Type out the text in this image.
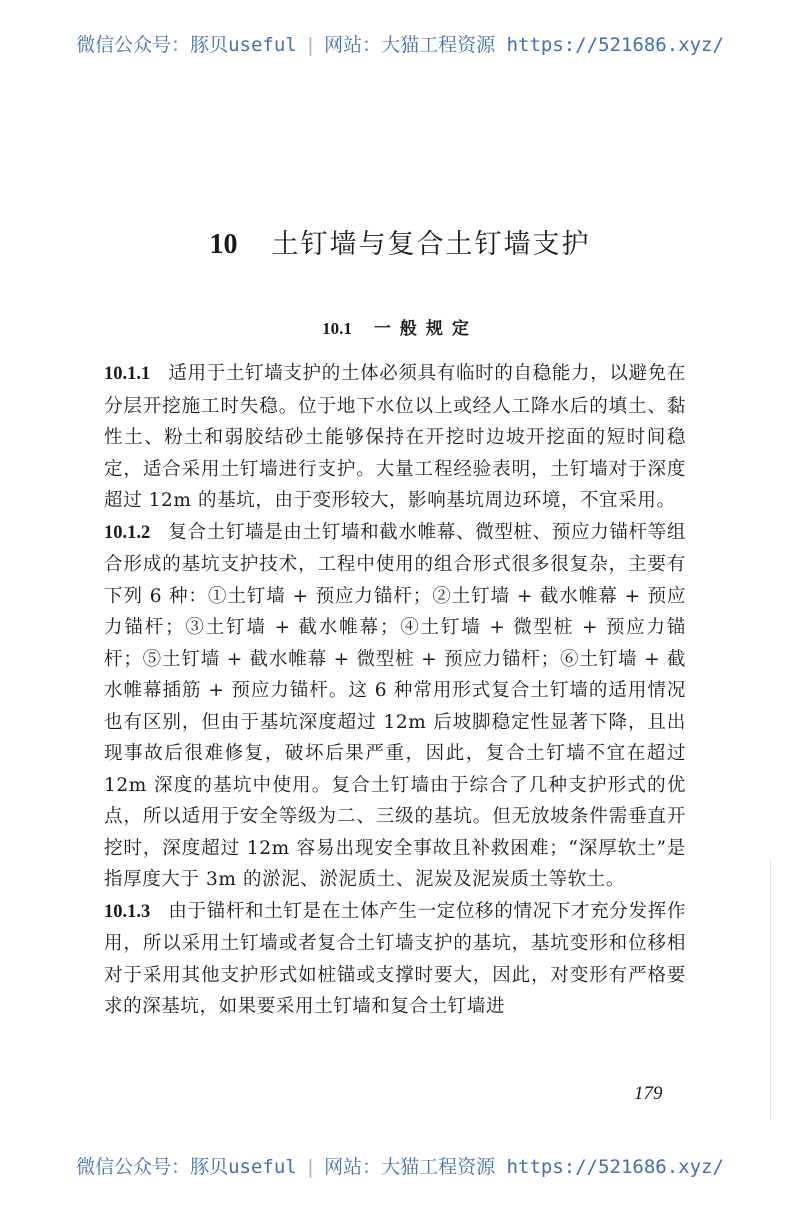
微信公众号：豚贝useful | 网站：大猫工程资源 https://521686.xyz/
10 土钉墙与复合土钉墙支护
10.1 一般规定

10.1.1 适用于土钉墙支护的土体必须具有临时的自稳能力，以避免在分层开挖施工时失稳。位于地下水位以上或经人工降水后的填土、黏性土、粉土和弱胶结砂土能够保持在开挖时边坡开挖面的短时间稳定，适合采用土钉墙进行支护。大量工程经验表明，土钉墙对于深度超过 12m 的基坑，由于变形较大，影响基坑周边环境，不宜采用。

10.1.2 复合土钉墙是由土钉墙和截水帷幕、微型桩、预应力锚杆等组合形成的基坑支护技术，工程中使用的组合形式很多很复杂，主要有下列 6 种：①土钉墙 + 预应力锚杆；②土钉墙 + 截水帷幕 + 预应力锚杆；③土钉墙 + 截水帷幕；④土钉墙 + 微型桩 + 预应力锚杆；⑤土钉墙 + 截水帷幕 + 微型桩 + 预应力锚杆；⑥土钉墙 + 截水帷幕插筋 + 预应力锚杆。这 6 种常用形式复合土钉墙的适用情况也有区别，但由于基坑深度超过 12m 后坡脚稳定性显著下降，且出现事故后很难修复，破坏后果严重，因此，复合土钉墙不宜在超过 12m 深度的基坑中使用。复合土钉墙由于综合了几种支护形式的优点，所以适用于安全等级为二、三级的基坑。但无放坡条件需垂直开挖时，深度超过 12m 容易出现安全事故且补救困难；“深厚软土”是指厚度大于 3m 的淤泥、淤泥质土、泥炭及泥炭质土等软土。

10.1.3 由于锚杆和土钉是在土体产生一定位移的情况下才充分发挥作用，所以采用土钉墙或者复合土钉墙支护的基坑，基坑变形和位移相对于采用其他支护形式如桩锚或支撑时要大，因此，对变形有严格要求的深基坑，如果要采用土钉墙和复合土钉墙进

179
微信公众号：豚贝useful | 网站：大猫工程资源 https://521686.xyz/
